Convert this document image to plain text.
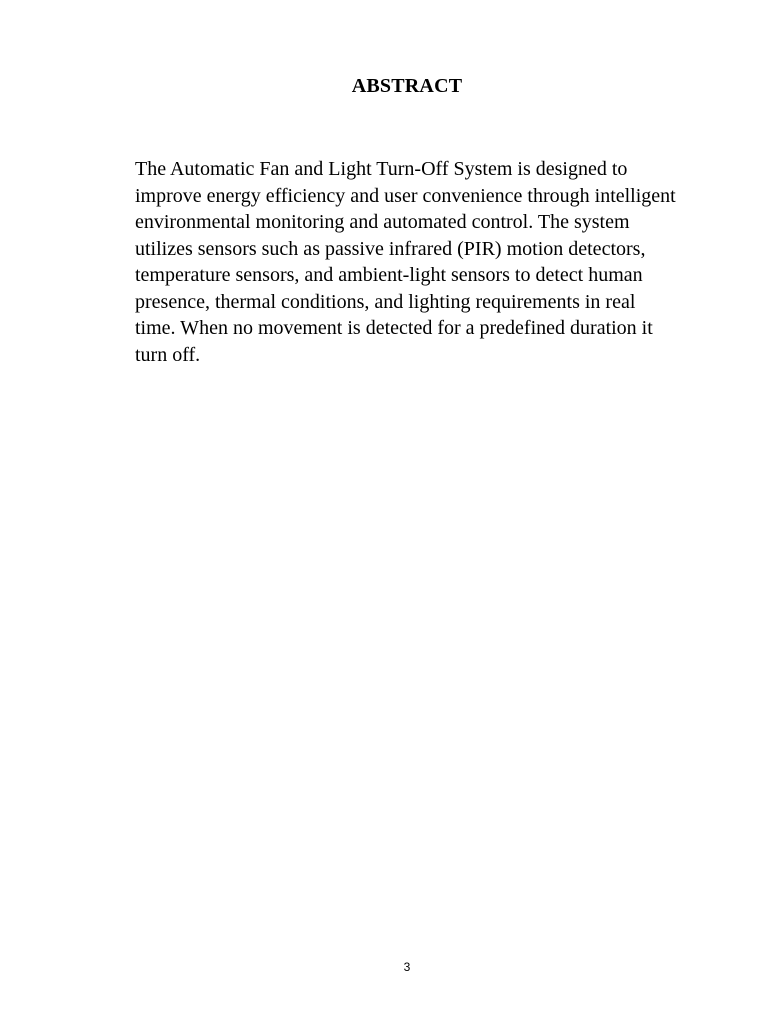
ABSTRACT

The Automatic Fan and Light Turn-Off System is designed to
improve energy efficiency and user convenience through intelligent
environmental monitoring and automated control. The system
utilizes sensors such as passive infrared (PIR) motion detectors,
temperature sensors, and ambient-light sensors to detect human
presence, thermal conditions, and lighting requirements in real
time. When no movement is detected for a predefined duration it
turn off.

3
